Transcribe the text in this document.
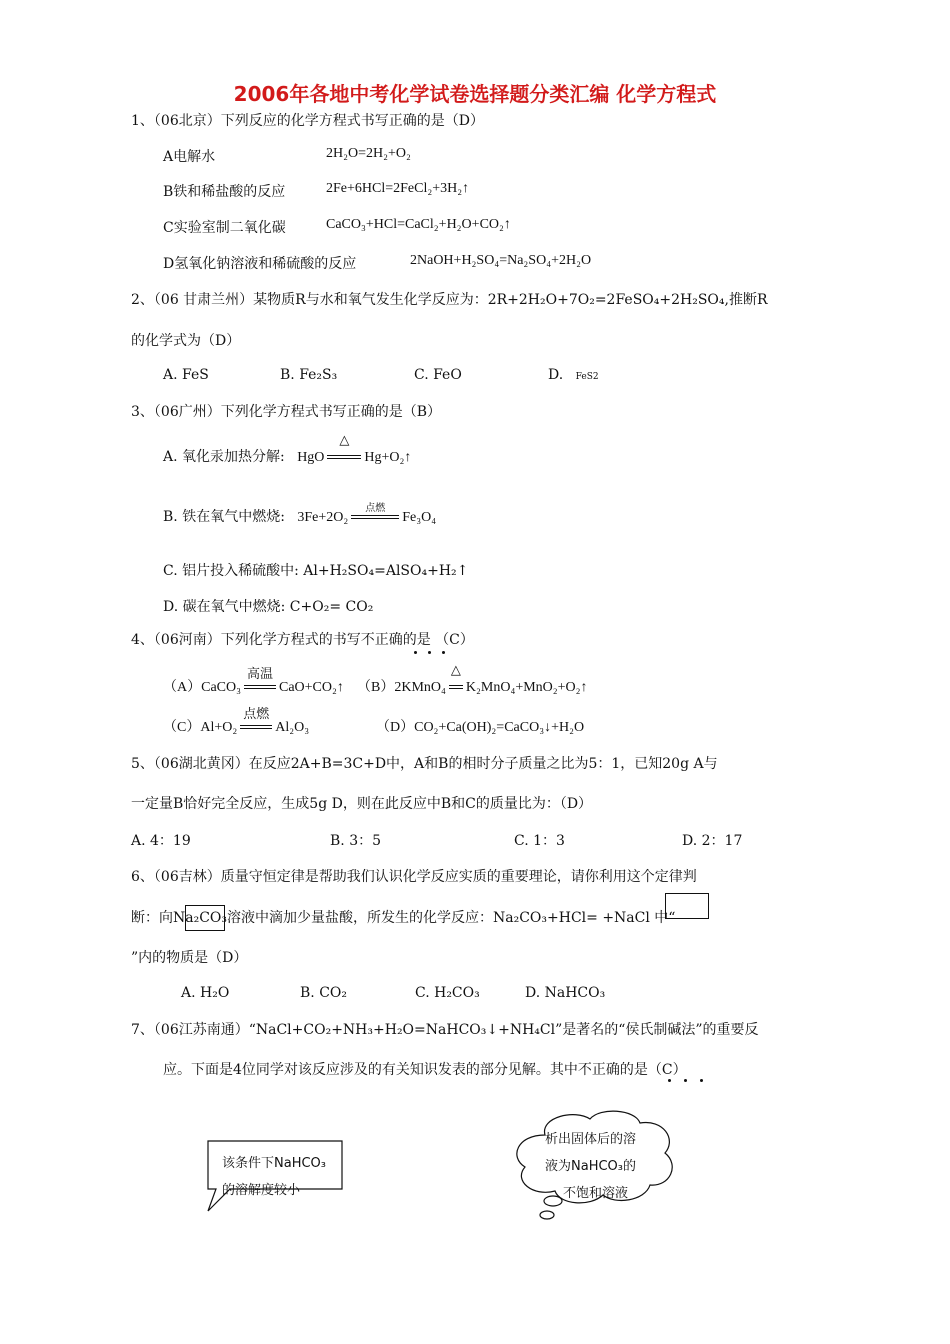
2006年各地中考化学试卷选择题分类汇编 化学方程式
1、（06北京）下列反应的化学方程式书写正确的是（D）
A电解水	2H₂O=2H₂+O₂
B铁和稀盐酸的反应	2Fe+6HCl=2FeCl₂+3H₂↑
C实验室制二氧化碳	CaCO₃+HCl=CaCl₂+H₂O+CO₂↑
D氢氧化钠溶液和稀硫酸的反应	2NaOH+H₂SO₄=Na₂SO₄+2H₂O
2、（06 甘肃兰州）某物质R与水和氧气发生化学反应为：2R+2H₂O+7O₂=2FeSO₄+2H₂SO₄,推断R
的化学式为（D）
A. FeS	B. Fe₂S₃	C. FeO	D. FeS2
3、（06广州）下列化学方程式书写正确的是（B）
A. 氧化汞加热分解: HgO
△
Hg+O₂↑
B. 铁在氧气中燃烧: 3Fe+2O₂
点燃
Fe₃O₄
C. 铝片投入稀硫酸中: Al+H₂SO₄=AlSO₄+H₂↑
D. 碳在氧气中燃烧: C+O₂= CO₂
4、（06河南）下列化学方程式的书写不正确的是 （C）
（A）CaCO₃
高温
CaO+CO₂↑ （B）2KMnO₄
△
K₂MnO₄+MnO₂+O₂↑
（C）Al+O₂
点燃
Al₂O₃	（D）CO₂+Ca(OH)₂=CaCO₃↓+H₂O
5、（06湖北黄冈）在反应2A+B=3C+D中，A和B的相时分子质量之比为5：1，已知20g A与
一定量B恰好完全反应，生成5g D，则在此反应中B和C的质量比为：（D）
A. 4：19	B. 3：5	C. 1：3	D. 2：17
6、（06吉林）质量守恒定律是帮助我们认识化学反应实质的重要理论，请你利用这个定律判
断：向Na₂CO₃溶液中滴加少量盐酸，所发生的化学反应：Na₂CO₃+HCl= +NaCl 中“
”内的物质是（D）
A. H₂O	B. CO₂	C. H₂CO₃	D. NaHCO₃
7、（06江苏南通）“NaCl+CO₂+NH₃+H₂O=NaHCO₃↓+NH₄Cl”是著名的“侯氏制碱法”的重要反
应。下面是4位同学对该反应涉及的有关知识发表的部分见解。其中不正确的是（C）
该条件下NaHCO₃
的溶解度较小
析出固体后的溶
液为NaHCO₃的
不饱和溶液
